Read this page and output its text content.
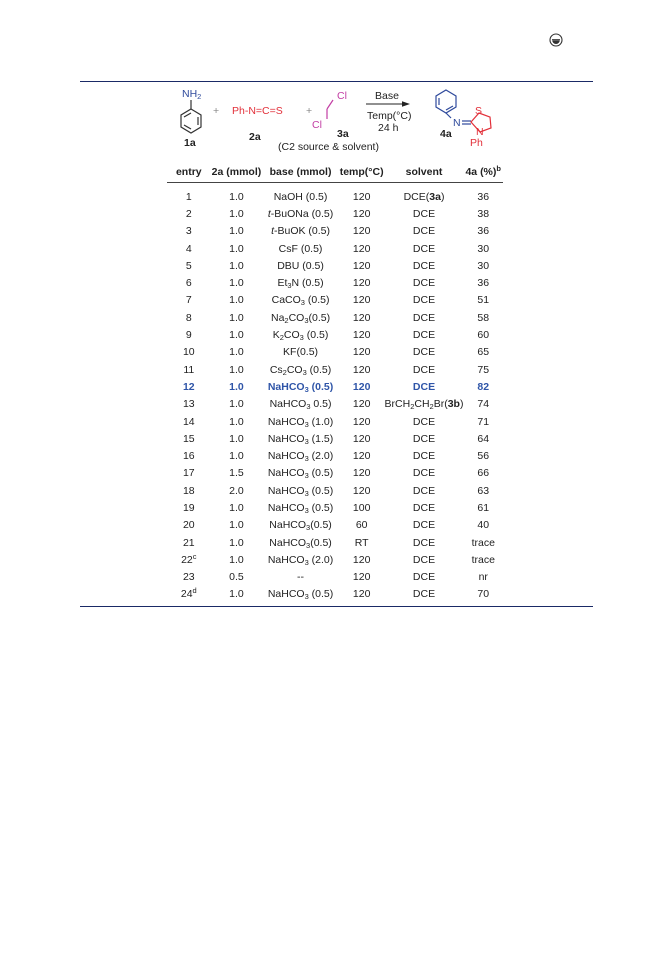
$NH_2$
1a
+ Ph-N=C=S
2a
+
Cl
Cl
3a
(C2 source & solvent)
Base
Temp(°C)
24 h	N
S
N
Ph
4a
entry	2a (mmol)	base (mmol)	temp(°C)	solvent	4a (%)$^b$
1	1.0	NaOH (0.5)	120	DCE(3a)	36
2	1.0	t-BuONa (0.5)	120	DCE	38
3	1.0	t-BuOK (0.5)	120	DCE	36
4	1.0	CsF (0.5)	120	DCE	30
5	1.0	DBU (0.5)	120	DCE	30
6	1.0	$Et_3N$ (0.5)	120	DCE	36
7	1.0	CaCO$_3$ (0.5)	120	DCE	51
8	1.0	$Na_2CO_3(0.5)$	120	DCE	58
9	1.0	$K_2CO_3$ (0.5)	120	DCE	60
10	1.0	KF(0.5)	120	DCE	65
11	1.0	$Cs_2CO_3$ (0.5)	120	DCE	75
12	1.0	NaHCO$_3$ (0.5)	120	DCE	82
13	1.0	NaHCO$_3$ 0.5)	120	$BrCH_2CH_2Br(3b)$	74
14	1.0	NaHCO$_3$ (1.0)	120	DCE	71
15	1.0	NaHCO$_3$ (1.5)	120	DCE	64
16	1.0	NaHCO$_3$ (2.0)	120	DCE	56
17	1.5	NaHCO$_3$ (0.5)	120	DCE	66
18	2.0	NaHCO$_3$ (0.5)	120	DCE	63
19	1.0	NaHCO$_3$ (0.5)	100	DCE	61
20	1.0	NaHCO$_3$(0.5)	60	DCE	40
21	1.0	NaHCO$_3$(0.5)	RT	DCE	trace
22$^c$	1.0	NaHCO$_3$ (2.0)	120	DCE	trace
23	0.5	--	120	DCE	nr
24$^d$	1.0	NaHCO$_3$ (0.5)	120	DCE	70
